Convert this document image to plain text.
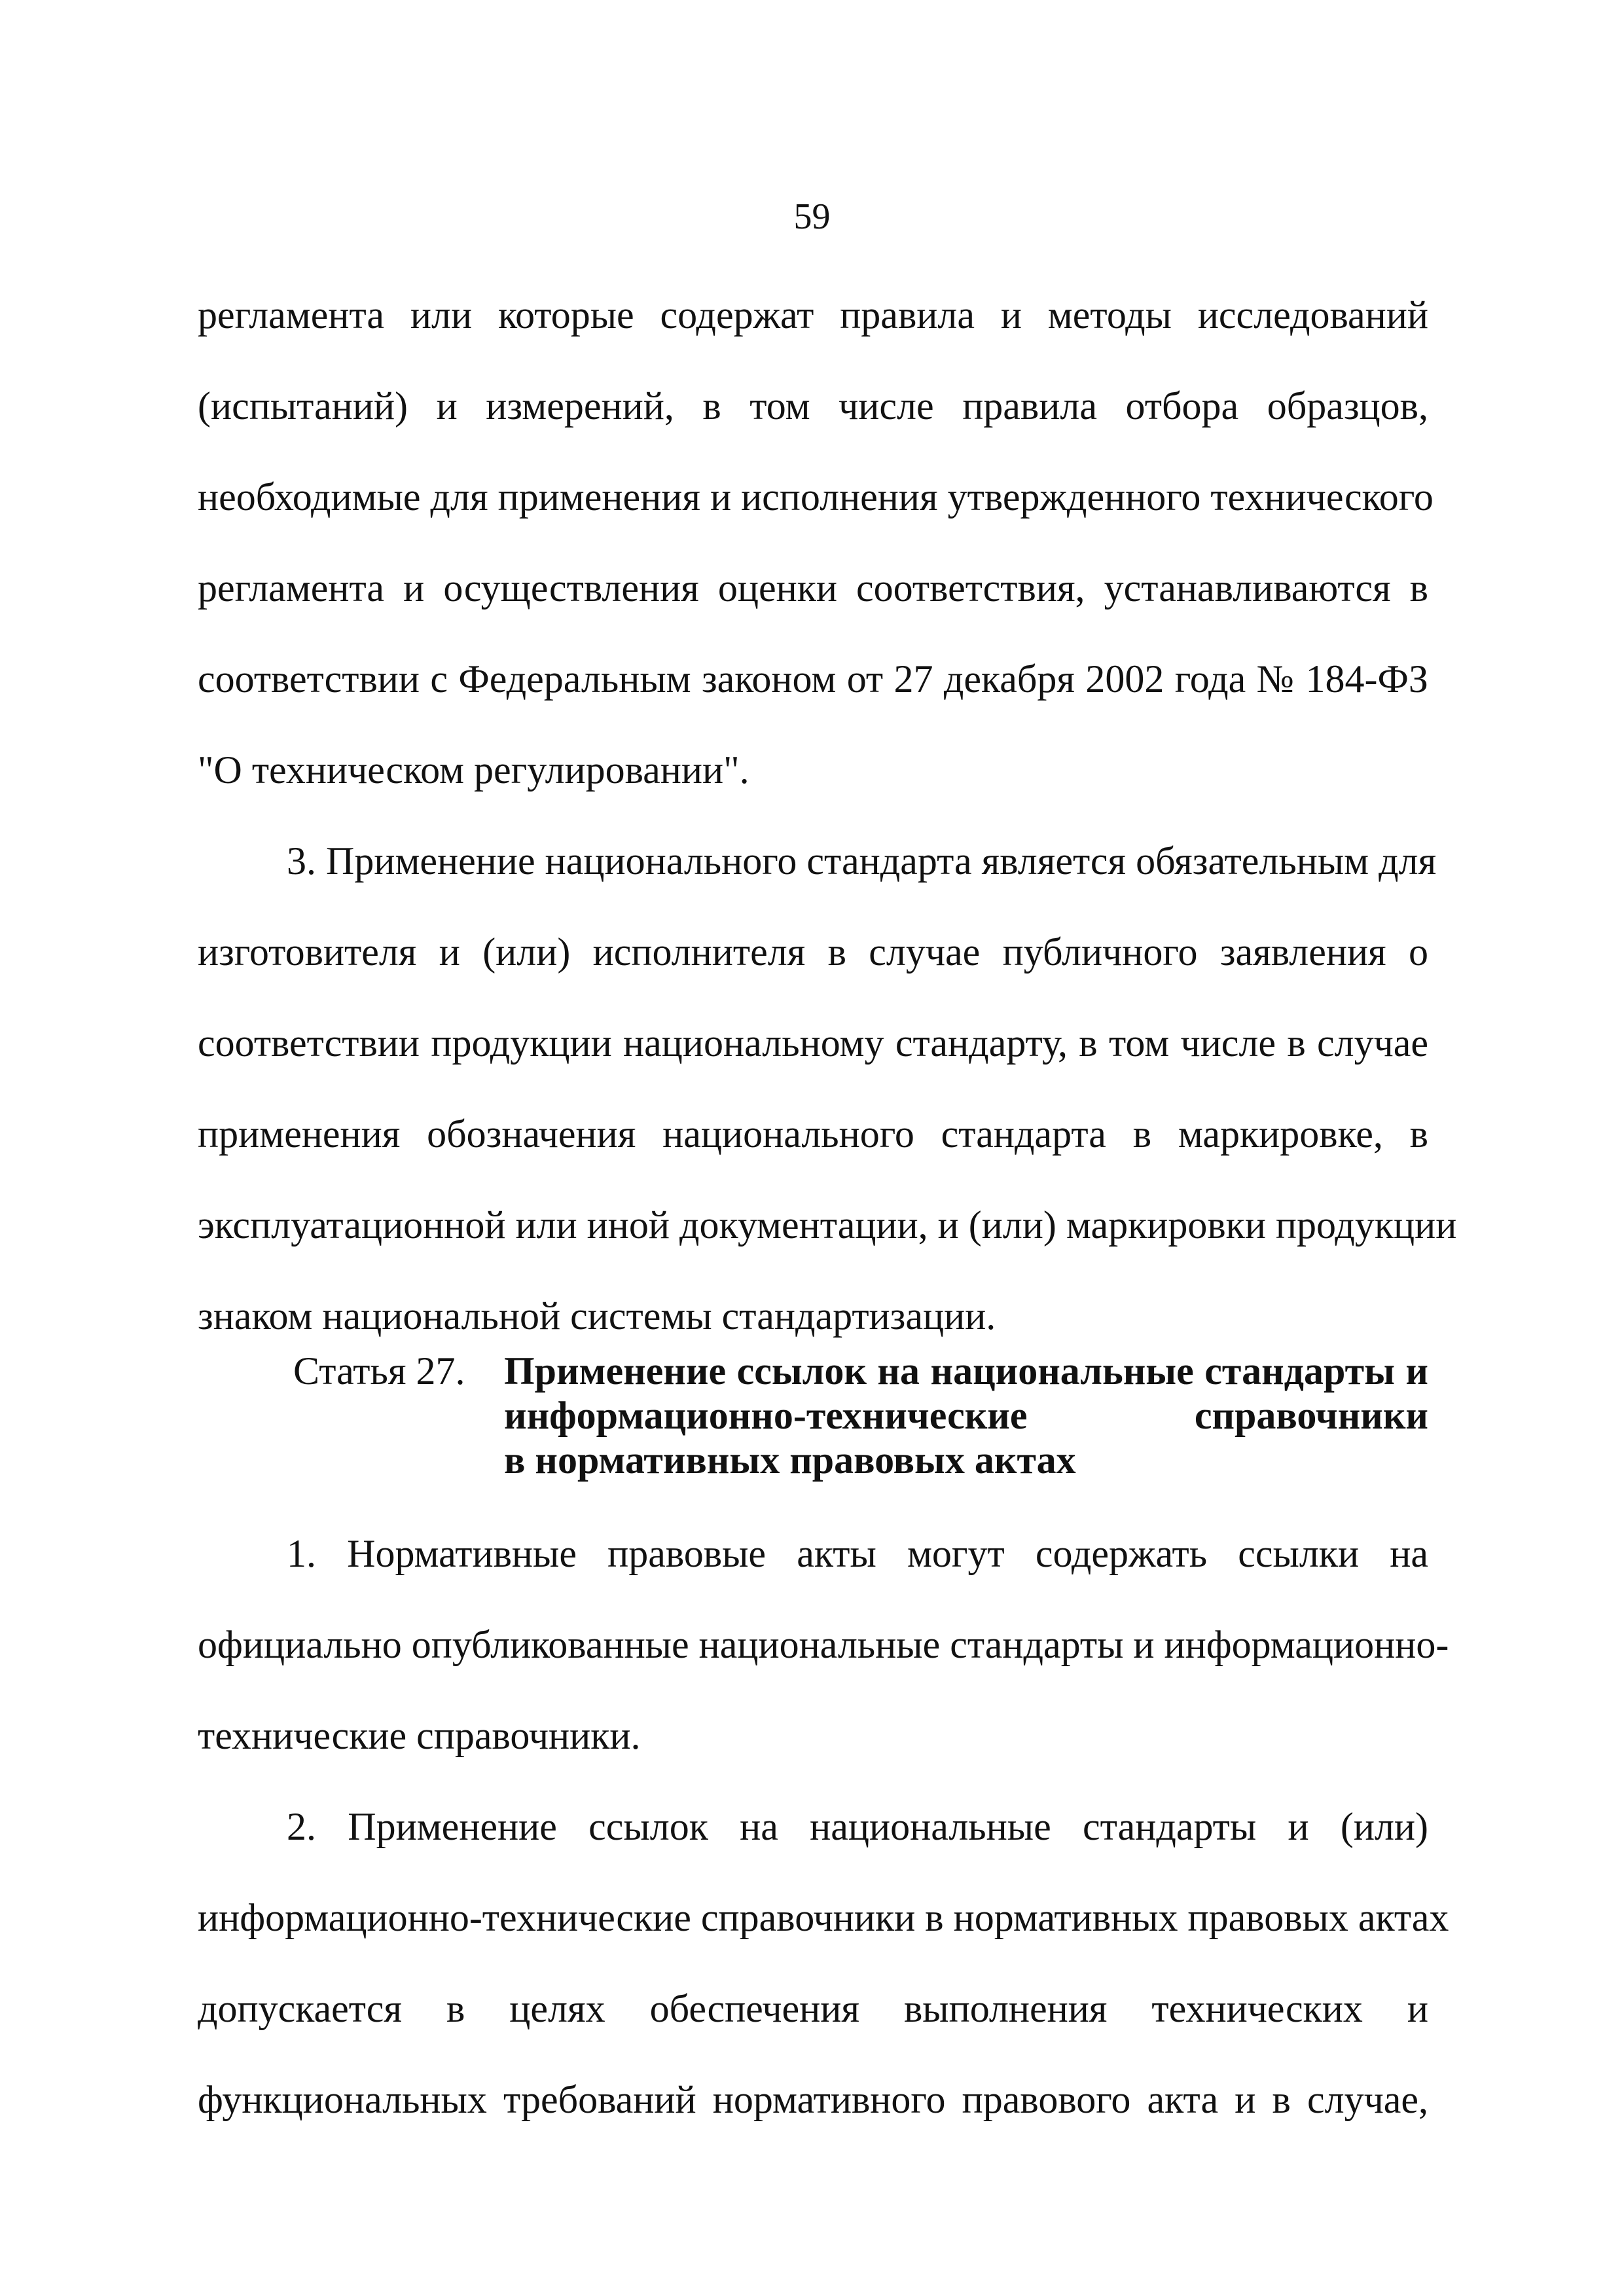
59
регламента или которые содержат правила и методы исследований
(испытаний) и измерений, в том числе правила отбора образцов,
необходимые для применения и исполнения утвержденного технического
регламента и осуществления оценки соответствия, устанавливаются в
соответствии с Федеральным законом от 27 декабря 2002 года № 184-ФЗ
"О техническом регулировании".
3. Применение национального стандарта является обязательным для
изготовителя и (или) исполнителя в случае публичного заявления о
соответствии продукции национальному стандарту, в том числе в случае
применения обозначения национального стандарта в маркировке, в
эксплуатационной или иной документации, и (или) маркировки продукции
знаком национальной системы стандартизации.
Статья 27. Применение ссылок на национальные стандарты и
информационно-технические справочники
в нормативных правовых актах
1. Нормативные правовые акты могут содержать ссылки на
официально опубликованные национальные стандарты и информационно-
технические справочники.
2. Применение ссылок на национальные стандарты и (или)
информационно-технические справочники в нормативных правовых актах
допускается в целях обеспечения выполнения технических и
функциональных требований нормативного правового акта и в случае,
